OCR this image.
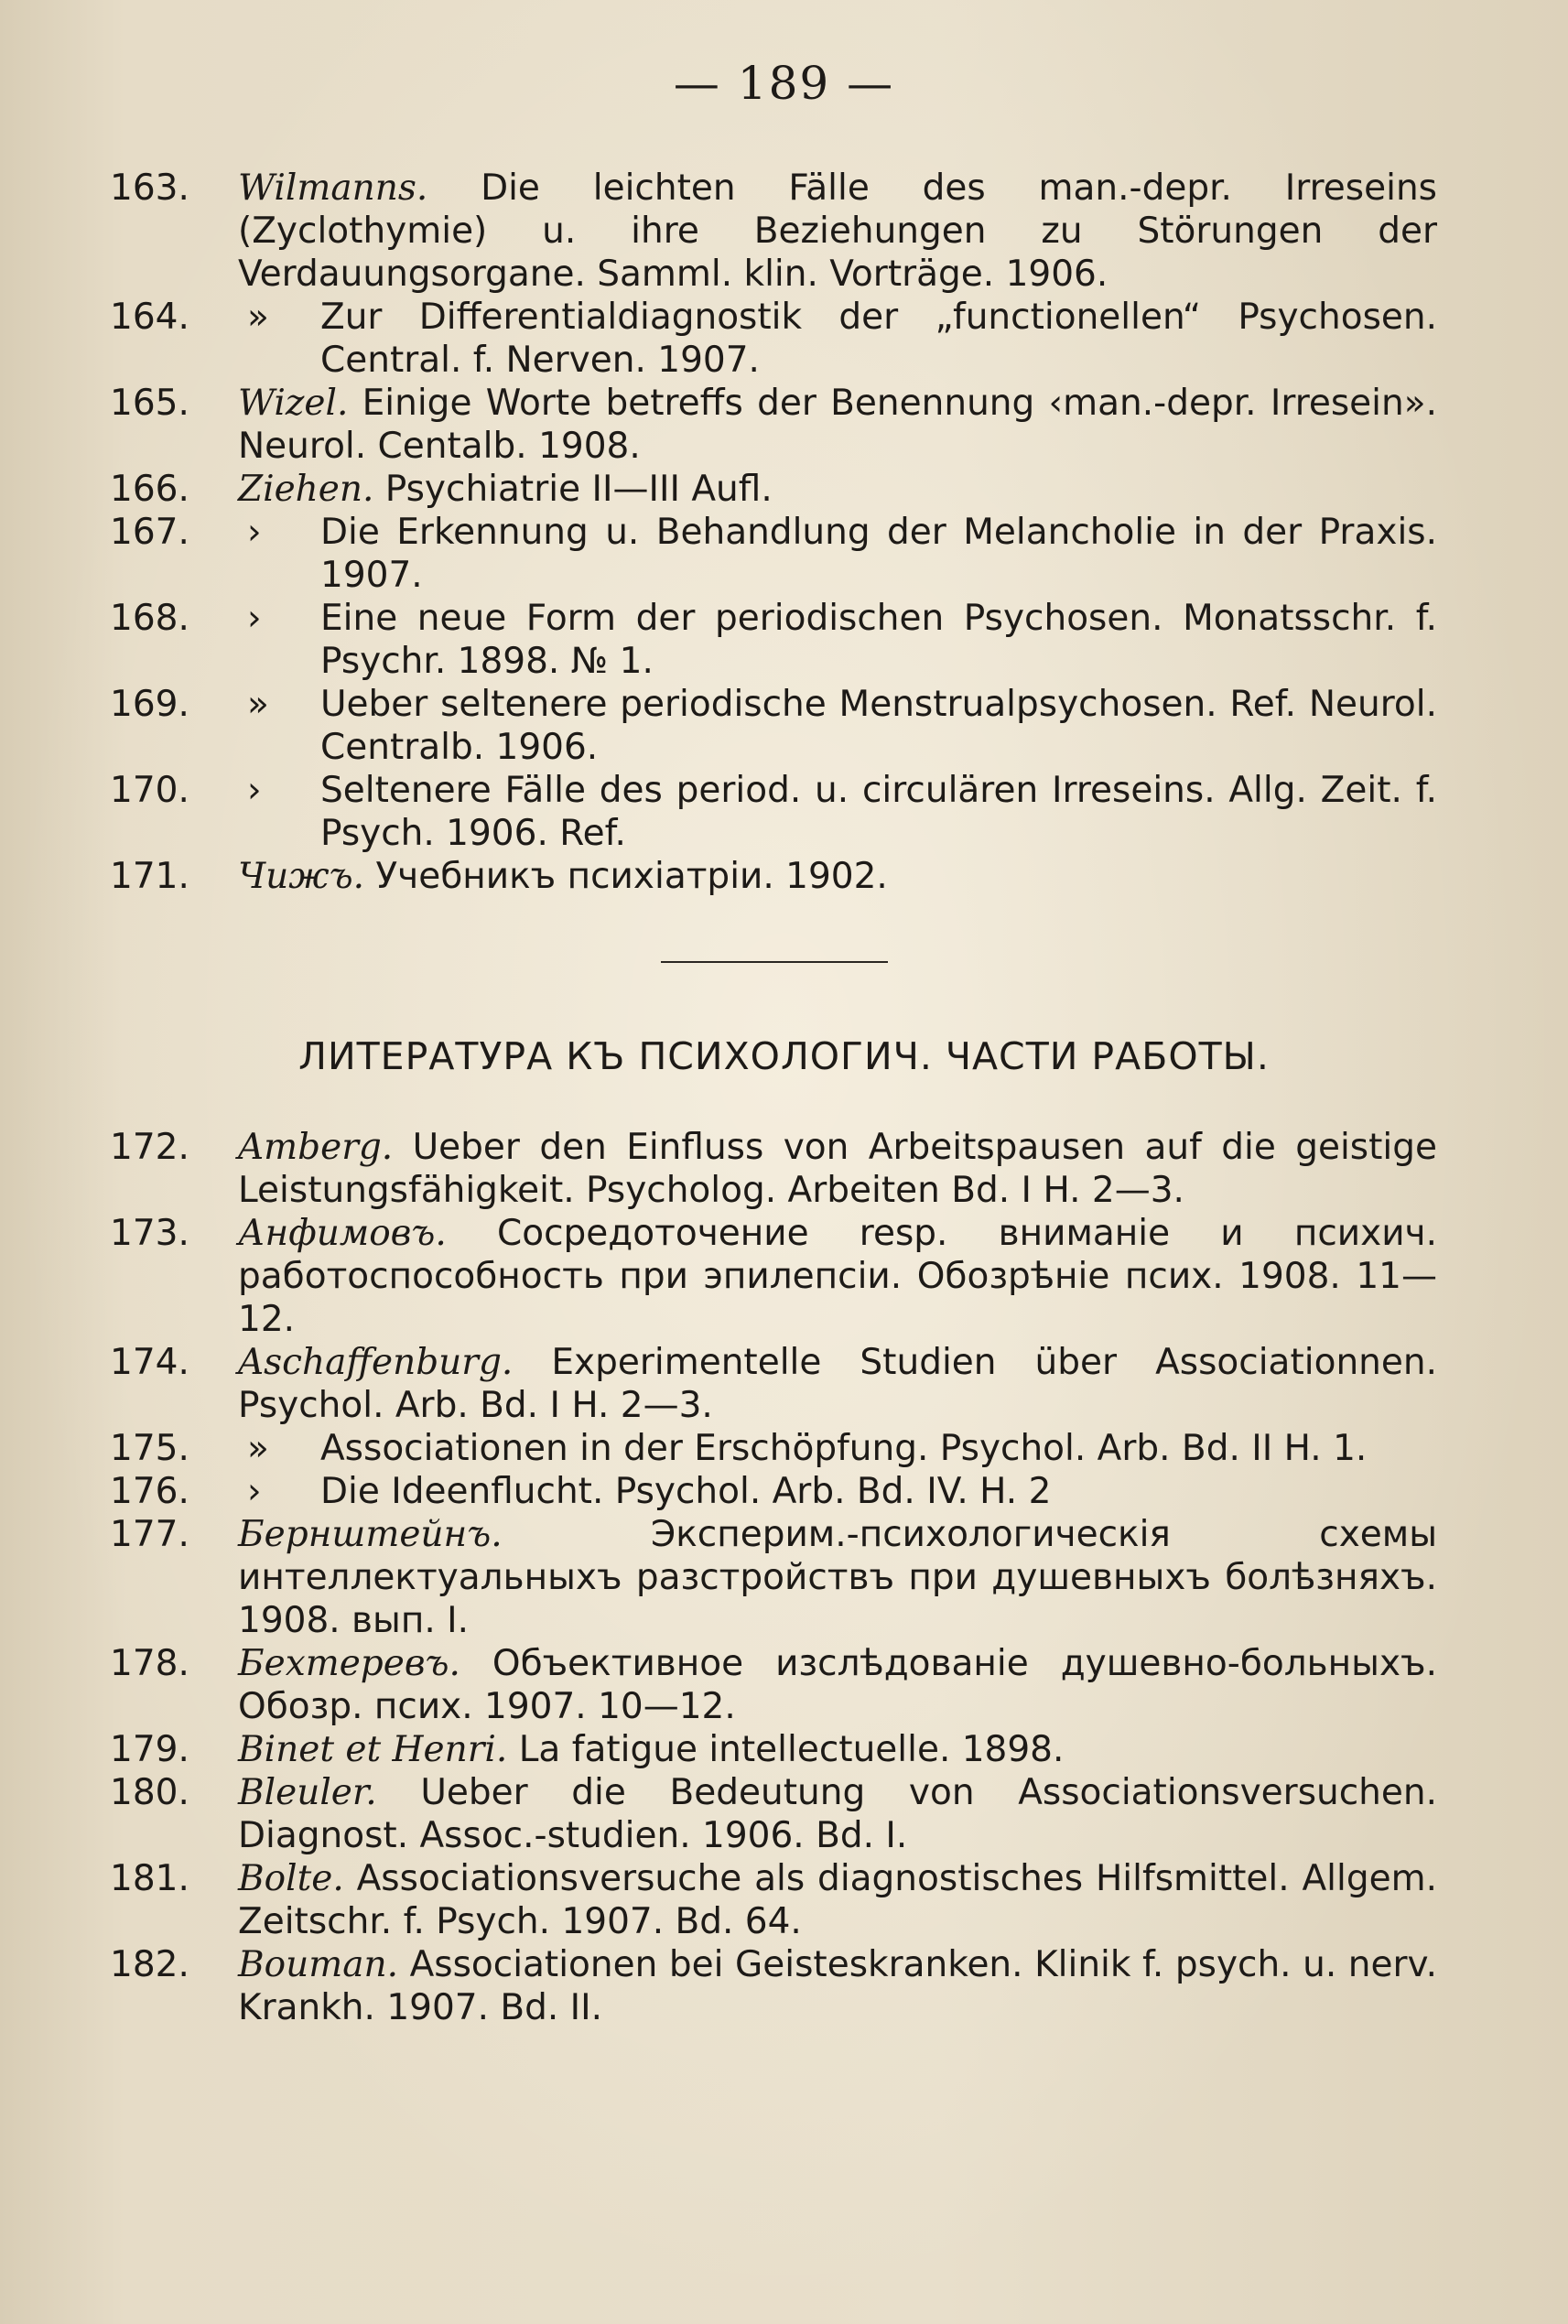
— 189 —
163.	Wilmanns. Die leichten Fälle des man.-depr. Irreseins (Zyclothymie) u. ihre Beziehungen zu Störungen der Verdauungsorgane. Samml. klin. Vorträge. 1906.
164.	»	Zur Differentialdiagnostik der „functionellen“ Psychosen. Central. f. Nerven. 1907.
165.	Wizel. Einige Worte betreffs der Benennung ‹man.-depr. Irresein». Neurol. Centalb. 1908.
166.	Ziehen. Psychiatrie II—III Aufl.
167.	›	Die Erkennung u. Behandlung der Melancholie in der Praxis. 1907.
168.	›	Eine neue Form der periodischen Psychosen. Monatsschr. f. Psychr. 1898. № 1.
169.	»	Ueber seltenere periodische Menstrualpsychosen. Ref. Neurol. Centralb. 1906.
170.	›	Seltenere Fälle des period. u. circulären Irreseins. Allg. Zeit. f. Psych. 1906. Ref.
171.	Чижъ. Учебникъ психіатріи. 1902.
ЛИТЕРАТУРА КЪ ПСИХОЛОГИЧ. ЧАСТИ РАБОТЫ.
172.	Amberg. Ueber den Einfluss von Arbeitspausen auf die geistige Leistungsfähigkeit. Psycholog. Arbeiten Bd. I H. 2—3.
173.	Анфимовъ. Сосредоточение resp. вниманіе и психич. работоспособность при эпилепсіи. Обозрѣніе псих. 1908. 11—12.
174.	Aschaffenburg. Experimentelle Studien über Associationnen. Psychol. Arb. Bd. I H. 2—3.
175.	»	Associationen in der Erschöpfung. Psychol. Arb. Bd. II H. 1.
176.	›	Die Ideenflucht. Psychol. Arb. Bd. IV. H. 2
177.	Бернштейнъ.	Эксперим.-психологическія схемы интеллектуальныхъ разстройствъ при душевныхъ болѣзняхъ. 1908. вып. I.
178.	Бехтеревъ. Объективное изслѣдованіе душевно-больныхъ. Обозр. псих. 1907. 10—12.
179.	Binet et Henri. La fatigue intellectuelle. 1898.
180.	Bleuler. Ueber die Bedeutung von Associationsversuchen. Diagnost. Assoc.-studien. 1906. Bd. I.
181.	Bolte. Associationsversuche als diagnostisches Hilfsmittel. Allgem. Zeitschr. f. Psych. 1907. Bd. 64.
182.	Bouman. Associationen bei Geisteskranken. Klinik f. psych. u. nerv. Krankh. 1907. Bd. II.
